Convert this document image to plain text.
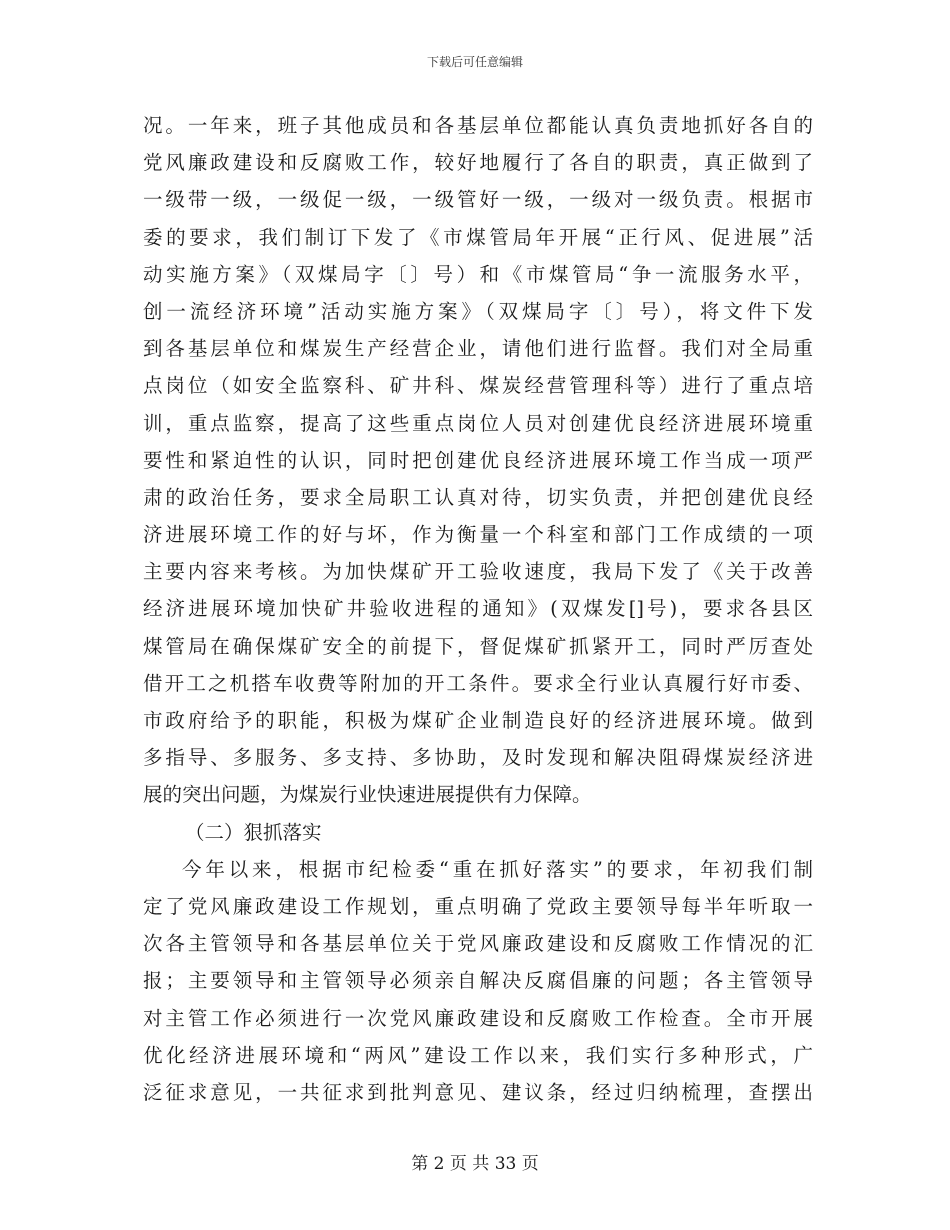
下载后可任意编辑
况。一年来，班子其他成员和各基层单位都能认真负责地抓好各自的
党风廉政建设和反腐败工作，较好地履行了各自的职责，真正做到了
一级带一级，一级促一级，一级管好一级，一级对一级负责。根据市
委的要求，我们制订下发了《市煤管局年开展“正行风、促进展”活
动实施方案》（双煤局字〔〕号）和《市煤管局“争一流服务水平，
创一流经济环境”活动实施方案》（双煤局字〔〕号），将文件下发
到各基层单位和煤炭生产经营企业，请他们进行监督。我们对全局重
点岗位（如安全监察科、矿井科、煤炭经营管理科等）进行了重点培
训，重点监察，提高了这些重点岗位人员对创建优良经济进展环境重
要性和紧迫性的认识，同时把创建优良经济进展环境工作当成一项严
肃的政治任务，要求全局职工认真对待，切实负责，并把创建优良经
济进展环境工作的好与坏，作为衡量一个科室和部门工作成绩的一项
主要内容来考核。为加快煤矿开工验收速度，我局下发了《关于改善
经济进展环境加快矿井验收进程的通知》(双煤发[]号)，要求各县区
煤管局在确保煤矿安全的前提下，督促煤矿抓紧开工，同时严厉查处
借开工之机搭车收费等附加的开工条件。要求全行业认真履行好市委、
市政府给予的职能，积极为煤矿企业制造良好的经济进展环境。做到
多指导、多服务、多支持、多协助，及时发现和解决阻碍煤炭经济进
展的突出问题，为煤炭行业快速进展提供有力保障。
（二）狠抓落实
今年以来，根据市纪检委“重在抓好落实”的要求，年初我们制
定了党风廉政建设工作规划，重点明确了党政主要领导每半年听取一
次各主管领导和各基层单位关于党风廉政建设和反腐败工作情况的汇
报；主要领导和主管领导必须亲自解决反腐倡廉的问题；各主管领导
对主管工作必须进行一次党风廉政建设和反腐败工作检查。全市开展
优化经济进展环境和“两风”建设工作以来，我们实行多种形式，广
泛征求意见，一共征求到批判意见、建议条，经过归纳梳理，查摆出
第 2 页 共 33 页
